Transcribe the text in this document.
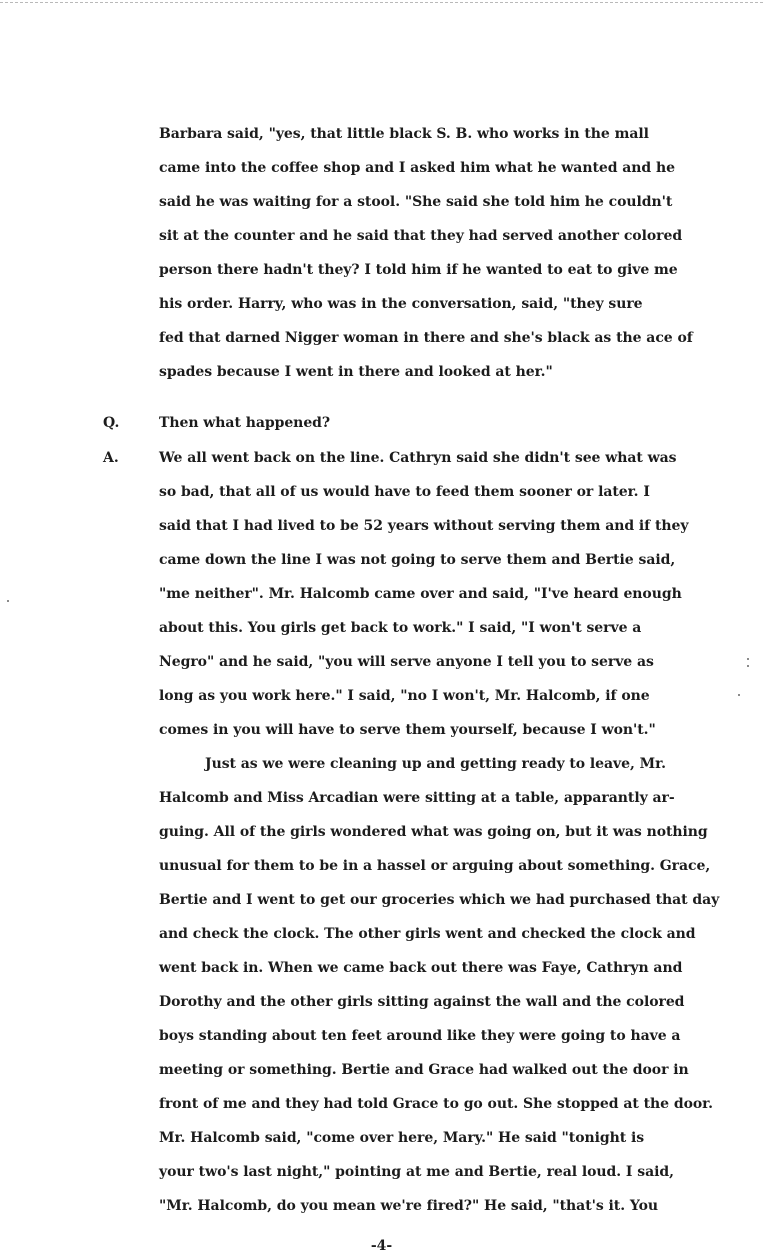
Barbara said, "yes, that little black S. B. who works in the mall
came into the coffee shop and I asked him what he wanted and he
said he was waiting for a stool. "She said she told him he couldn't
sit at the counter and he said that they had served another colored
person there hadn't they? I told him if he wanted to eat to give me
his order. Harry, who was in the conversation, said, "they sure
fed that darned Nigger woman in there and she's black as the ace of
spades because I went in there and looked at her."
Q.	Then what happened?
A.	We all went back on the line. Cathryn said she didn't see what was
so bad, that all of us would have to feed them sooner or later. I
said that I had lived to be 52 years without serving them and if they
came down the line I was not going to serve them and Bertie said,
"me neither". Mr. Halcomb came over and said, "I've heard enough
about this. You girls get back to work." I said, "I won't serve a
Negro" and he said, "you will serve anyone I tell you to serve as
long as you work here." I said, "no I won't, Mr. Halcomb, if one
comes in you will have to serve them yourself, because I won't."
Just as we were cleaning up and getting ready to leave, Mr.
Halcomb and Miss Arcadian were sitting at a table, apparantly ar-
guing. All of the girls wondered what was going on, but it was nothing
unusual for them to be in a hassel or arguing about something. Grace,
Bertie and I went to get our groceries which we had purchased that day
and check the clock. The other girls went and checked the clock and
went back in. When we came back out there was Faye, Cathryn and
Dorothy and the other girls sitting against the wall and the colored
boys standing about ten feet around like they were going to have a
meeting or something. Bertie and Grace had walked out the door in
front of me and they had told Grace to go out. She stopped at the door.
Mr. Halcomb said, "come over here, Mary." He said "tonight is
your two's last night," pointing at me and Bertie, real loud. I said,
"Mr. Halcomb, do you mean we're fired?" He said, "that's it. You
-4-
